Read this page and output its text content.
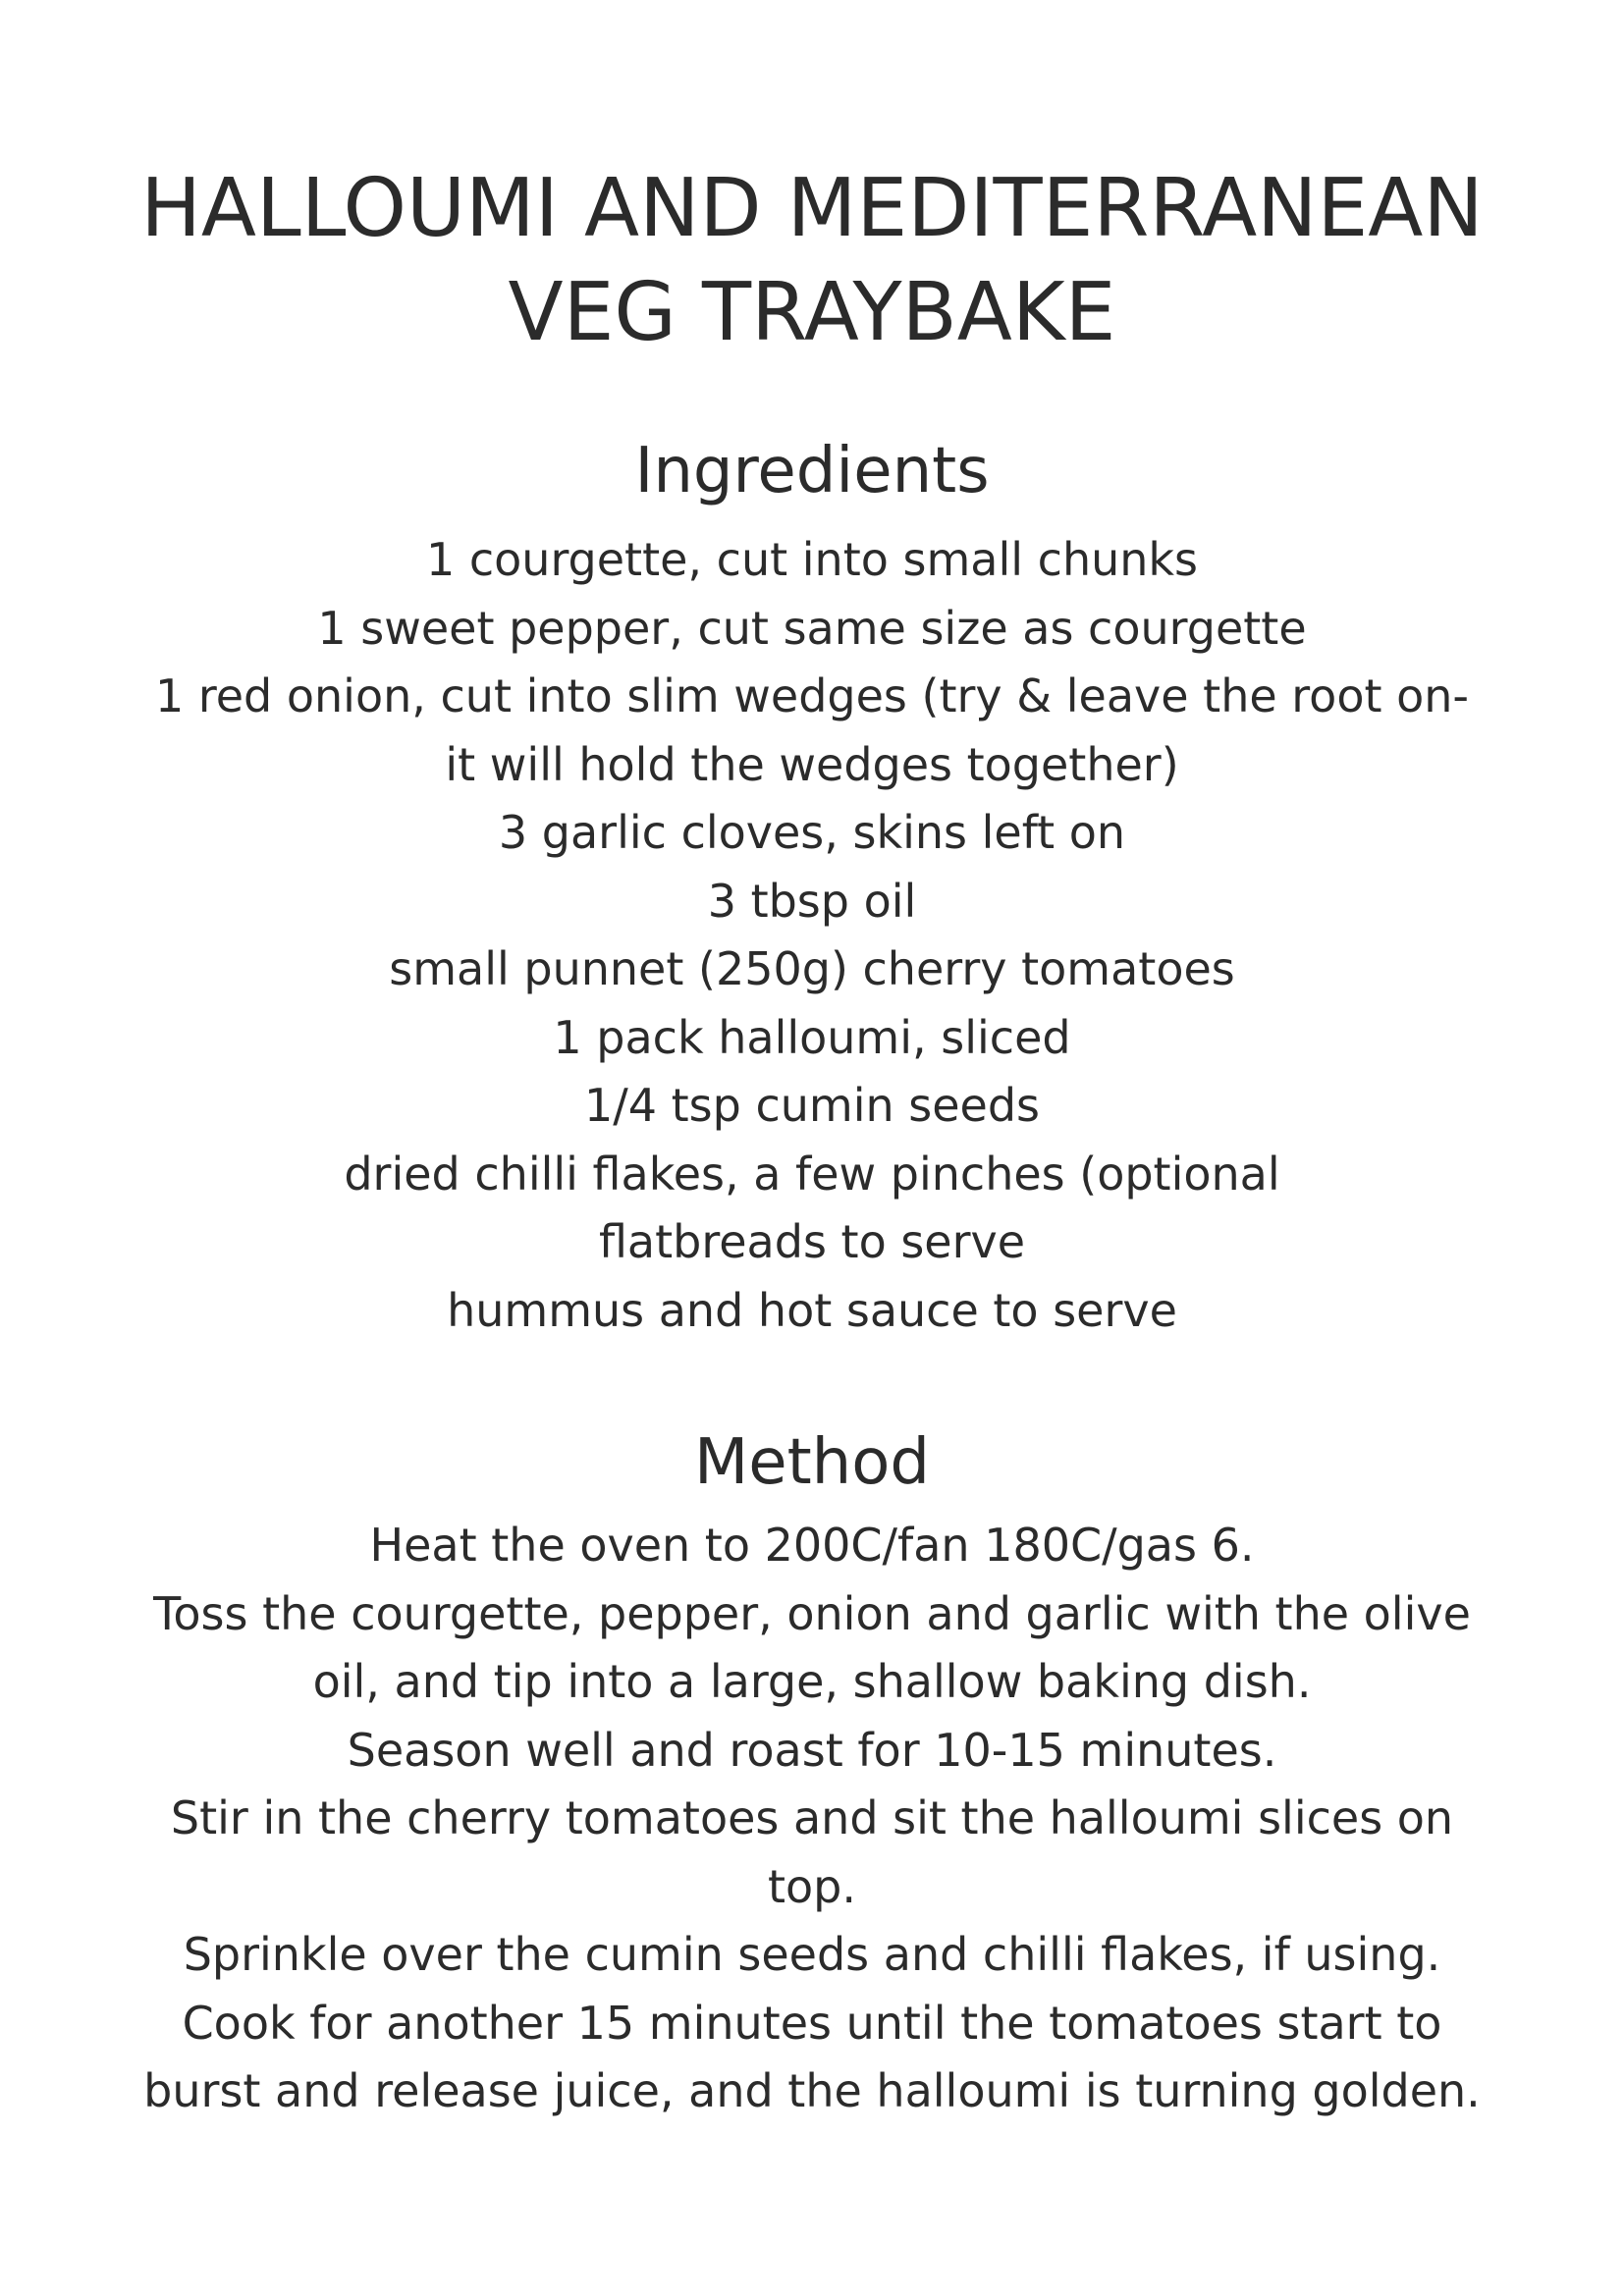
HALLOUMI AND MEDITERRANEAN
VEG TRAYBAKE
Ingredients
1 courgette, cut into small chunks
1 sweet pepper, cut same size as courgette
1 red onion, cut into slim wedges (try & leave the root on-
it will hold the wedges together)
3 garlic cloves, skins left on
3 tbsp oil
small punnet (250g) cherry tomatoes
1 pack halloumi, sliced
1/4 tsp cumin seeds
dried chilli flakes, a few pinches (optional
flatbreads to serve
hummus and hot sauce to serve
Method
Heat the oven to 200C/fan 180C/gas 6.
Toss the courgette, pepper, onion and garlic with the olive
oil, and tip into a large, shallow baking dish.
Season well and roast for 10-15 minutes.
Stir in the cherry tomatoes and sit the halloumi slices on
top.
Sprinkle over the cumin seeds and chilli flakes, if using.
Cook for another 15 minutes until the tomatoes start to
burst and release juice, and the halloumi is turning golden.
